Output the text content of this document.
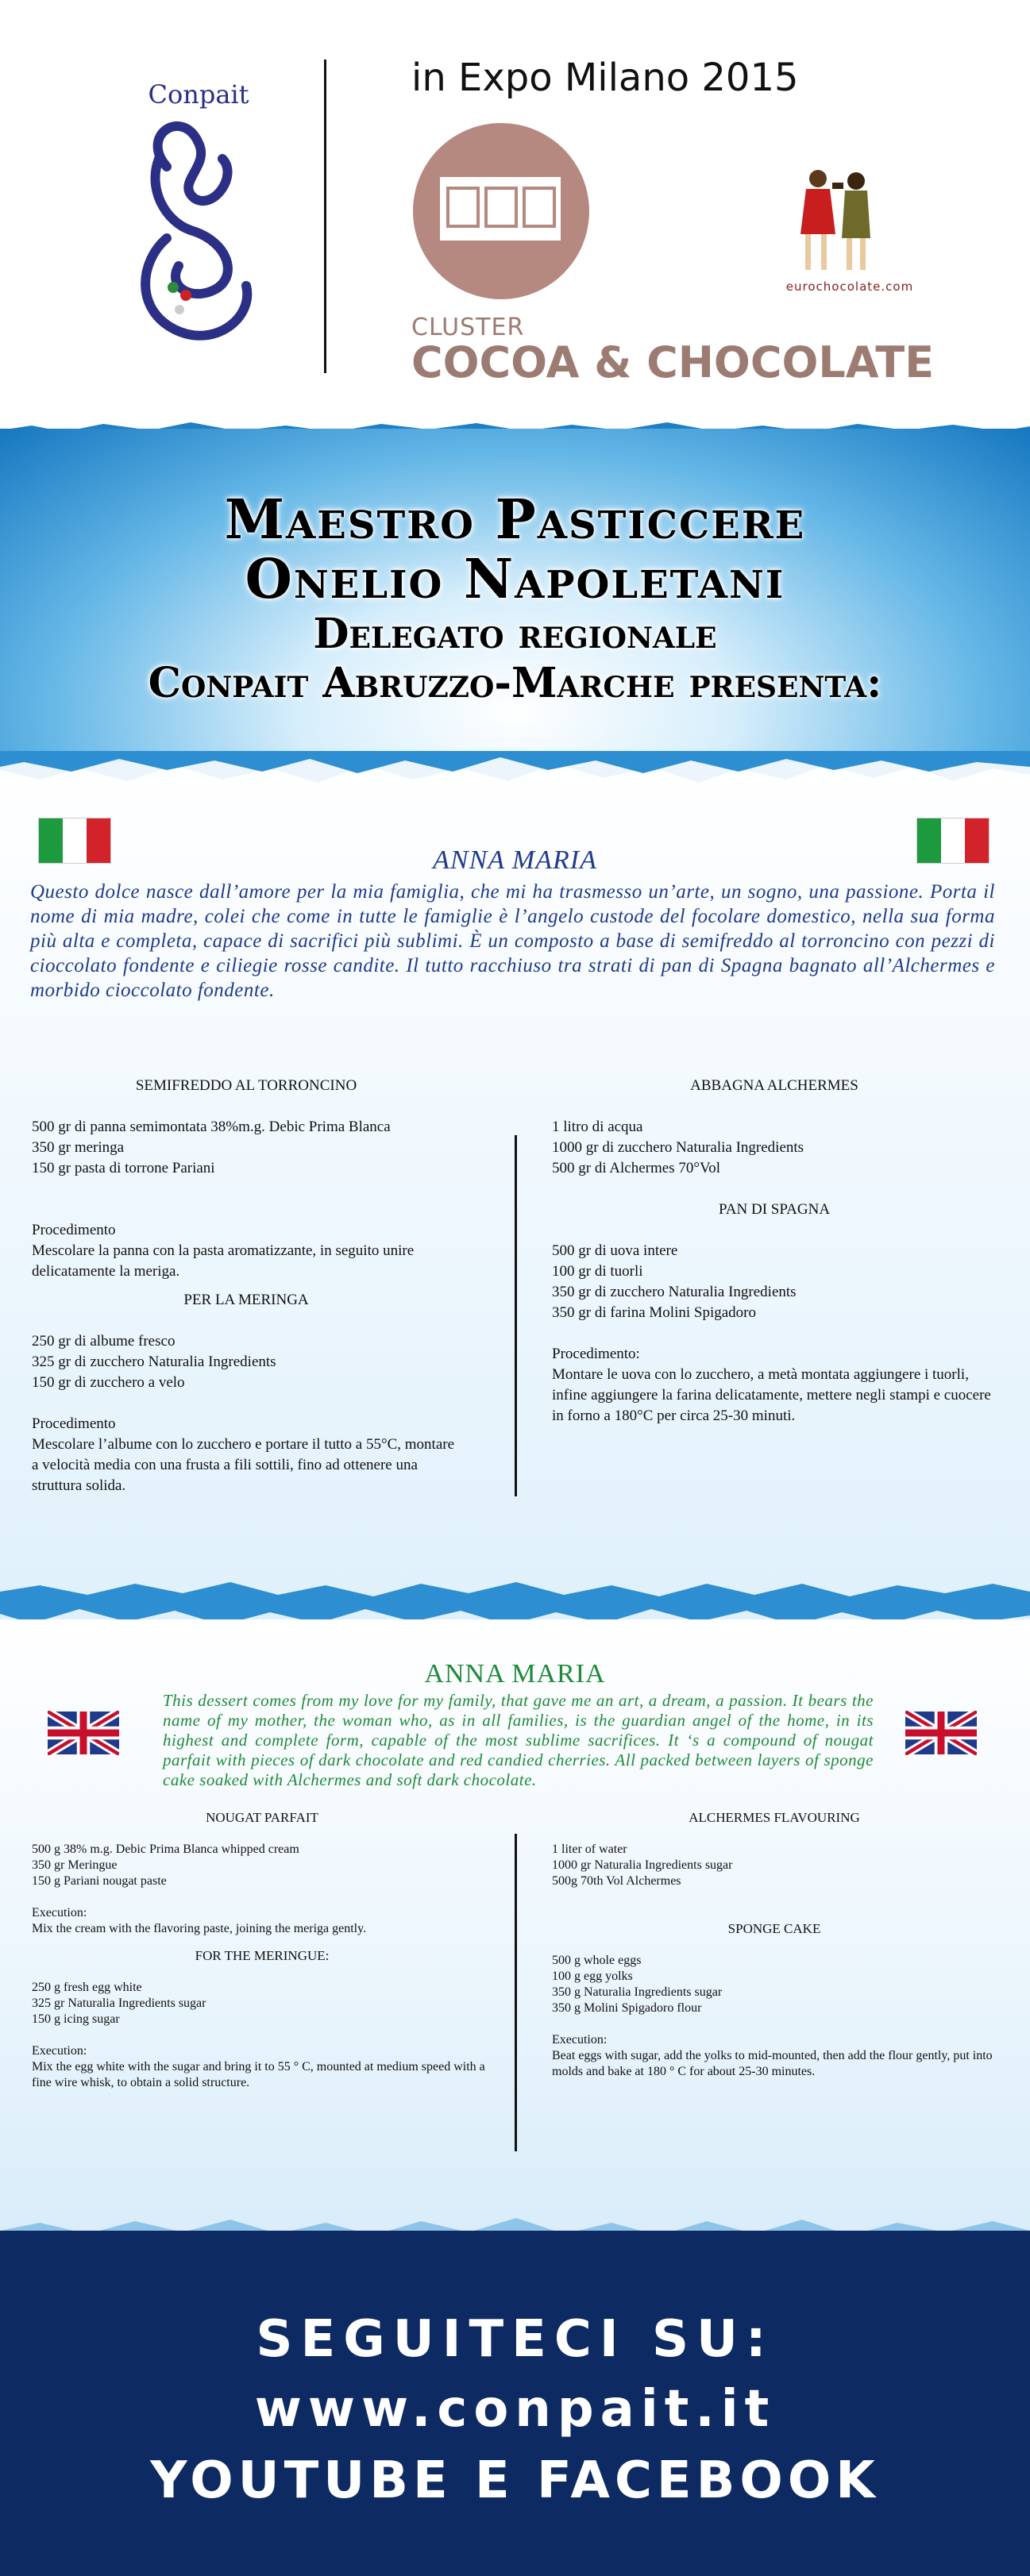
Conpait	in Expo Milano 2015
CLUSTER
COCOA & CHOCOLATE
eurochocolate.com
Maestro Pasticcere
Onelio Napoletani
Delegato regionale
Conpait Abruzzo-Marche presenta:
ANNA MARIA
Questo dolce nasce dall’amore per la mia famiglia, che mi ha trasmesso un’arte, un sogno, una passione. Porta il nome di mia madre, colei che come in tutte le famiglie è l’angelo custode del focolare domestico, nella sua forma più alta e completa, capace di sacrifici più sublimi. È un composto a base di semifreddo al torroncino con pezzi di cioccolato fondente e ciliegie rosse candite. Il tutto racchiuso tra strati di pan di Spagna bagnato all’Alchermes e morbido cioccolato fondente.

SEMIFREDDO AL TORRONCINO

500 gr di panna semimontata 38%m.g. Debic Prima Blanca

350 gr meringa

150 gr pasta di torrone Pariani

Procedimento

Mescolare la panna con la pasta aromatizzante, in seguito unire delicatamente la meriga.

PER LA MERINGA

250 gr di albume fresco

325 gr di zucchero Naturalia Ingredients

150 gr di zucchero a velo

Procedimento

Mescolare l’albume con lo zucchero e portare il tutto a 55°C, montare a velocità media con una frusta a fili sottili, fino ad ottenere una struttura solida.

ABBAGNA ALCHERMES

1 litro di acqua

1000 gr di zucchero Naturalia Ingredients

500 gr di Alchermes 70°Vol

PAN DI SPAGNA

500 gr di uova intere

100 gr di tuorli

350 gr di zucchero Naturalia Ingredients

350 gr di farina Molini Spigadoro

Procedimento:

Montare le uova con lo zucchero, a metà montata aggiungere i tuorli, infine aggiungere la farina delicatamente, mettere negli stampi e cuocere in forno a 180°C per circa 25-30 minuti.

ANNA MARIA
This dessert comes from my love for my family, that gave me an art, a dream, a passion. It bears the name of my mother, the woman who, as in all families, is the guardian angel of the home, in its highest and complete form, capable of the most sublime sacrifices. It ‘s a compound of nougat parfait with pieces of dark chocolate and red candied cherries. All packed between layers of sponge cake soaked with Alchermes and soft dark chocolate.

NOUGAT PARFAIT

500 g 38% m.g. Debic Prima Blanca whipped cream

350 gr Meringue

150 g Pariani nougat paste

Execution:

Mix the cream with the flavoring paste, joining the meriga gently.

FOR THE MERINGUE:

250 g fresh egg white

325 gr Naturalia Ingredients sugar

150 g icing sugar

Execution:

Mix the egg white with the sugar and bring it to 55 ° C, mounted at medium speed with a fine wire whisk, to obtain a solid structure.

ALCHERMES FLAVOURING

1 liter of water

1000 gr Naturalia Ingredients sugar

500g 70th Vol Alchermes

SPONGE CAKE

500 g whole eggs

100 g egg yolks

350 g Naturalia Ingredients sugar

350 g Molini Spigadoro flour

Execution:

Beat eggs with sugar, add the yolks to mid-mounted, then add the flour gently, put into molds and bake at 180 ° C for about 25-30 minutes.

SEGUITECI SU:
www.conpait.it
YOUTUBE E FACEBOOK
